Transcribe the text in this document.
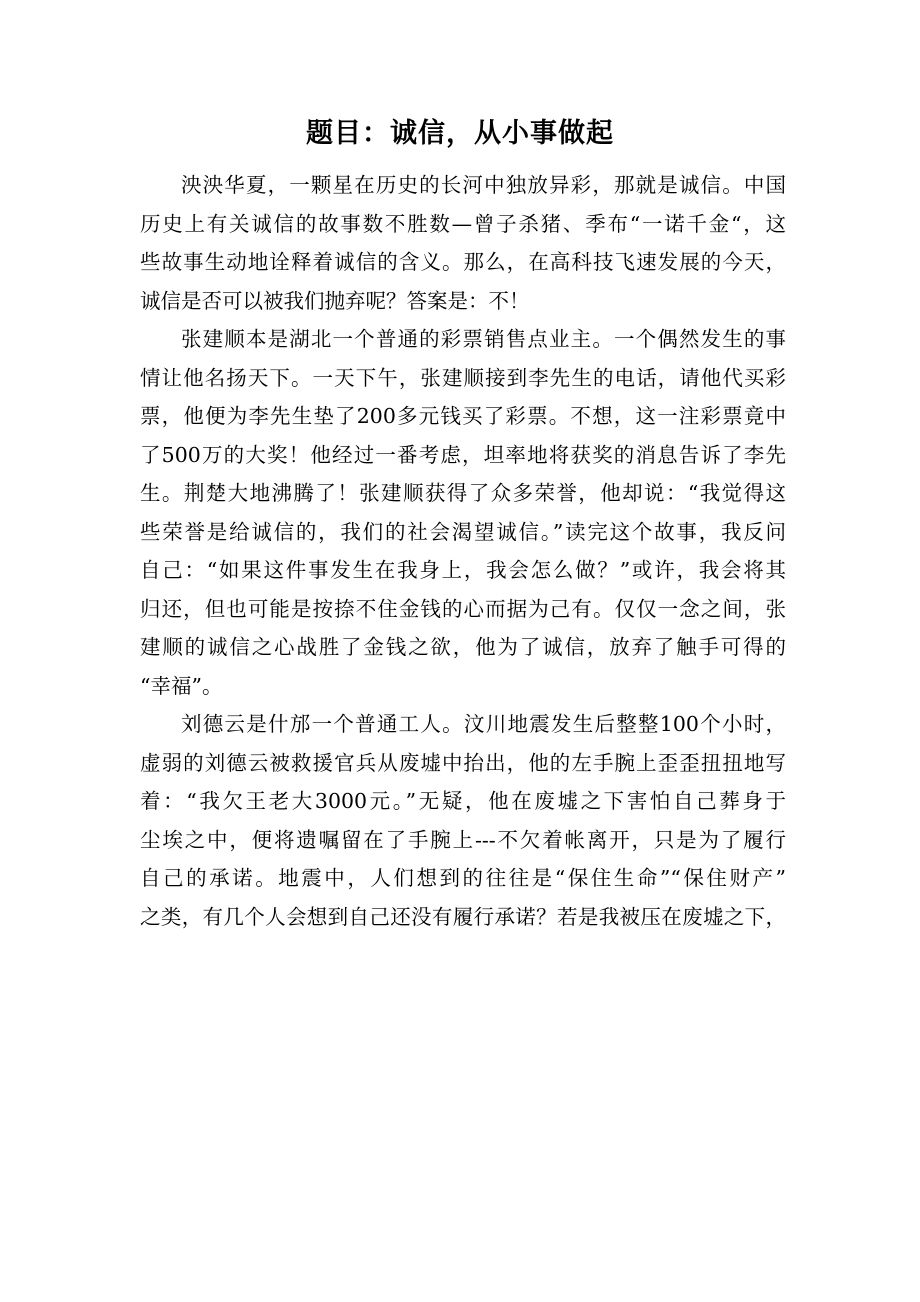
题目：诚信，从小事做起
泱泱华夏，一颗星在历史的长河中独放异彩，那就是诚信。中国
历史上有关诚信的故事数不胜数—曾子杀猪、季布“一诺千金“，这
些故事生动地诠释着诚信的含义。那么，在高科技飞速发展的今天，
诚信是否可以被我们抛弃呢？答案是：不！
张建顺本是湖北一个普通的彩票销售点业主。一个偶然发生的事
情让他名扬天下。一天下午，张建顺接到李先生的电话，请他代买彩
票，他便为李先生垫了200多元钱买了彩票。不想，这一注彩票竟中
了500万的大奖！他经过一番考虑，坦率地将获奖的消息告诉了李先
生。荆楚大地沸腾了！张建顺获得了众多荣誉，他却说：“我觉得这
些荣誉是给诚信的，我们的社会渴望诚信。”读完这个故事，我反问
自己：“如果这件事发生在我身上，我会怎么做？”或许，我会将其
归还，但也可能是按捺不住金钱的心而据为己有。仅仅一念之间，张
建顺的诚信之心战胜了金钱之欲，他为了诚信，放弃了触手可得的
“幸福”。
刘德云是什邡一个普通工人。汶川地震发生后整整100个小时，
虚弱的刘德云被救援官兵从废墟中抬出，他的左手腕上歪歪扭扭地写
着：“我欠王老大3000元。”无疑，他在废墟之下害怕自己葬身于
尘埃之中，便将遗嘱留在了手腕上---不欠着帐离开，只是为了履行
自己的承诺。地震中，人们想到的往往是“保住生命”“保住财产”
之类，有几个人会想到自己还没有履行承诺？若是我被压在废墟之下，
